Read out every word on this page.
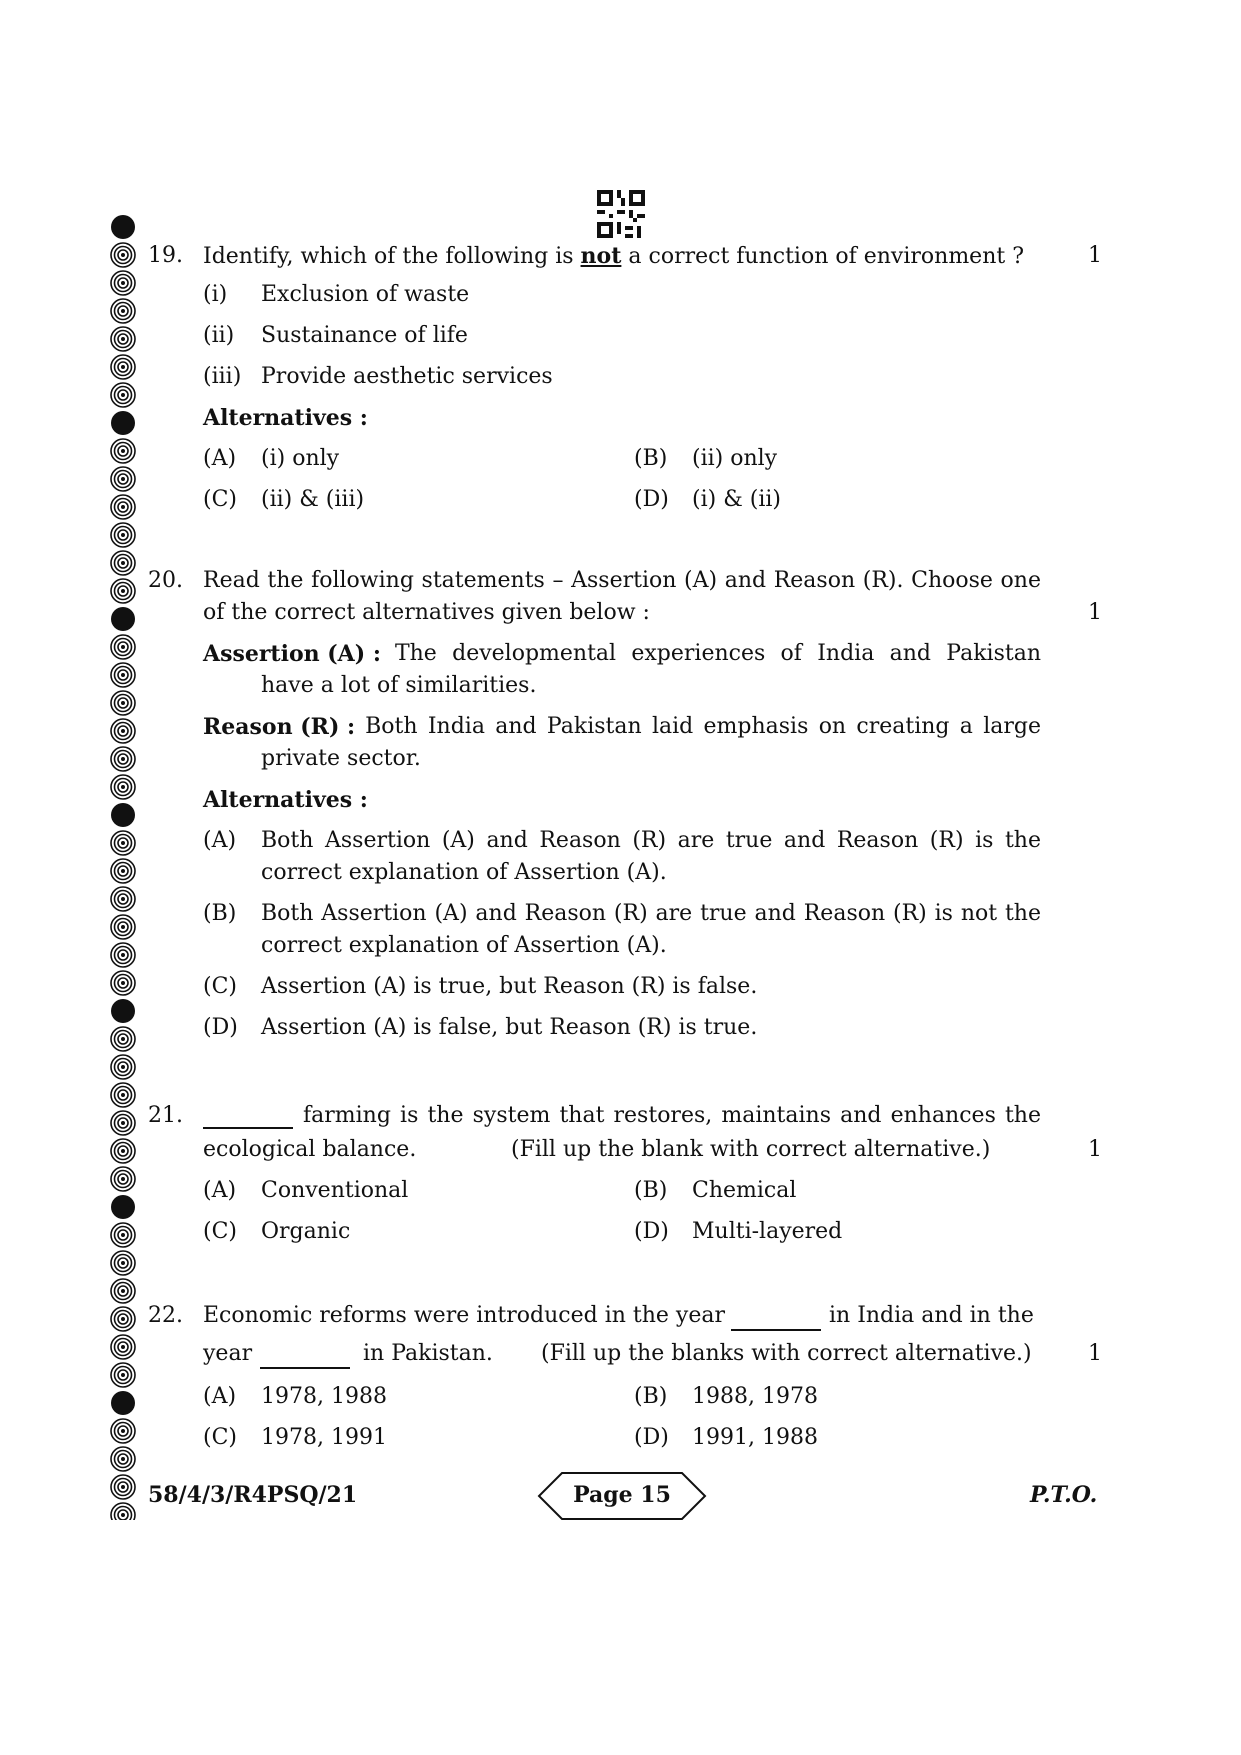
19. Identify, which of the following is not a correct function of environment ?	1
(i) Exclusion of waste
(ii) Sustainance of life
(iii) Provide aesthetic services
Alternatives :
(A) (i) only	(B) (ii) only
(C) (ii) & (iii)	(D) (i) & (ii)
20. Read the following statements – Assertion (A) and Reason (R). Choose one
of the correct alternatives given below :	1
Assertion (A) : The developmental experiences of India and Pakistan
have a lot of similarities.
Reason (R) : Both India and Pakistan laid emphasis on creating a large
private sector.
Alternatives :
(A) Both Assertion (A) and Reason (R) are true and Reason (R) is the
correct explanation of Assertion (A).
(B) Both Assertion (A) and Reason (R) are true and Reason (R) is not the
correct explanation of Assertion (A).
(C) Assertion (A) is true, but Reason (R) is false.
(D) Assertion (A) is false, but Reason (R) is true.
21.	farming is the system that restores, maintains and enhances the
ecological balance.	(Fill up the blank with correct alternative.)	1
(A) Conventional	(B) Chemical
(C) Organic	(D) Multi-layered
22. Economic reforms were introduced in the year	in India and in the
year	in Pakistan. (Fill up the blanks with correct alternative.)	1
(A) 1978, 1988	(B) 1988, 1978
(C) 1978, 1991	(D) 1991, 1988
58/4/3/R4PSQ/21	Page 15	P.T.O.
